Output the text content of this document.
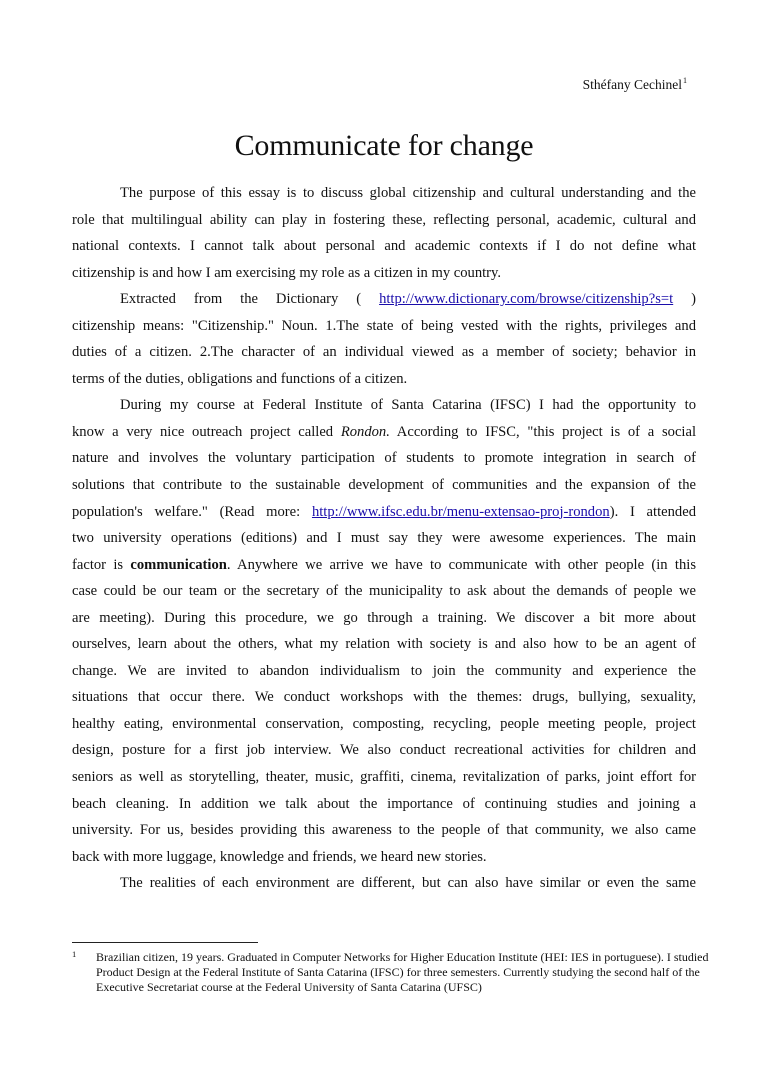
Sthéfany Cechinel$^1$
Communicate for change
The purpose of this essay is to discuss global citizenship and cultural understanding and the
role that multilingual ability can play in fostering these, reflecting personal, academic, cultural and
national contexts. I cannot talk about personal and academic contexts if I do not define what
citizenship is and how I am exercising my role as a citizen in my country.
Extracted from the Dictionary ( http://www.dictionary.com/browse/citizenship?s=t )
citizenship means: "Citizenship." Noun. 1.The state of being vested with the rights, privileges and
duties of a citizen. 2.The character of an individual viewed as a member of society; behavior in
terms of the duties, obligations and functions of a citizen.
During my course at Federal Institute of Santa Catarina (IFSC) I had the opportunity to
know a very nice outreach project called Rondon. According to IFSC, "this project is of a social
nature and involves the voluntary participation of students to promote integration in search of
solutions that contribute to the sustainable development of communities and the expansion of the
population's welfare." (Read more: http://www.ifsc.edu.br/menu-extensao-proj-rondon). I attended
two university operations (editions) and I must say they were awesome experiences. The main
factor is communication. Anywhere we arrive we have to communicate with other people (in this
case could be our team or the secretary of the municipality to ask about the demands of people we
are meeting). During this procedure, we go through a training. We discover a bit more about
ourselves, learn about the others, what my relation with society is and also how to be an agent of
change. We are invited to abandon individualism to join the community and experience the
situations that occur there. We conduct workshops with the themes: drugs, bullying, sexuality,
healthy eating, environmental conservation, composting, recycling, people meeting people, project
design, posture for a first job interview. We also conduct recreational activities for children and
seniors as well as storytelling, theater, music, graffiti, cinema, revitalization of parks, joint effort for
beach cleaning. In addition we talk about the importance of continuing studies and joining a
university. For us, besides providing this awareness to the people of that community, we also came
back with more luggage, knowledge and friends, we heard new stories.
The realities of each environment are different, but can also have similar or even the same
1 Brazilian citizen, 19 years. Graduated in Computer Networks for Higher Education Institute (HEI: IES in portuguese). I studied Product Design at the Federal Institute of Santa Catarina (IFSC) for three semesters. Currently studying the second half of the Executive Secretariat course at the Federal University of Santa Catarina (UFSC)
